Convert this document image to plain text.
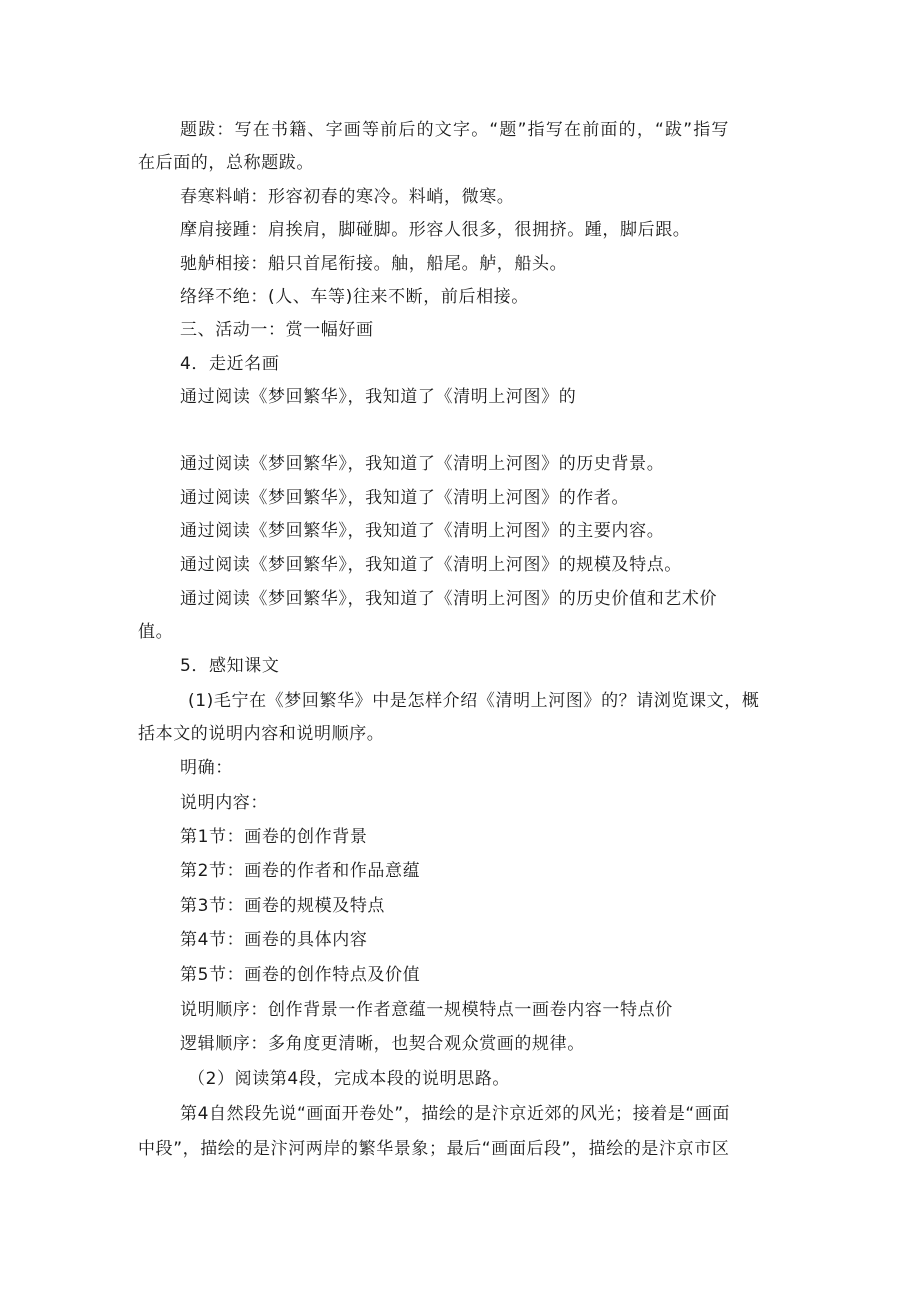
题跋：写在书籍、字画等前后的文字。“题”指写在前面的，“跋”指写
在后面的，总称题跋。
春寒料峭：形容初春的寒冷。料峭，微寒。
摩肩接踵：肩挨肩，脚碰脚。形容人很多，很拥挤。踵，脚后跟。
驰舻相接：船只首尾衔接。舳，船尾。舻，船头。
络绎不绝：(人、车等)往来不断，前后相接。
三、活动一：赏一幅好画
4．走近名画
通过阅读《梦回繁华》，我知道了《清明上河图》的
通过阅读《梦回繁华》，我知道了《清明上河图》的历史背景。
通过阅读《梦回繁华》，我知道了《清明上河图》的作者。
通过阅读《梦回繁华》，我知道了《清明上河图》的主要内容。
通过阅读《梦回繁华》，我知道了《清明上河图》的规模及特点。
通过阅读《梦回繁华》，我知道了《清明上河图》的历史价值和艺术价
值。
5．感知课文
(1)毛宁在《梦回繁华》中是怎样介绍《清明上河图》的？请浏览课文，概
括本文的说明内容和说明顺序。
明确：
说明内容：
第1节：画卷的创作背景
第2节：画卷的作者和作品意蕴
第3节：画卷的规模及特点
第4节：画卷的具体内容
第5节：画卷的创作特点及价值
说明顺序：创作背景一作者意蕴一规模特点一画卷内容一特点价
逻辑顺序：多角度更清晰，也契合观众赏画的规律。
（2）阅读第4段，完成本段的说明思路。
第4自然段先说“画面开卷处”，描绘的是汴京近郊的风光；接着是“画面
中段”，描绘的是汴河两岸的繁华景象；最后“画面后段”，描绘的是汴京市区
